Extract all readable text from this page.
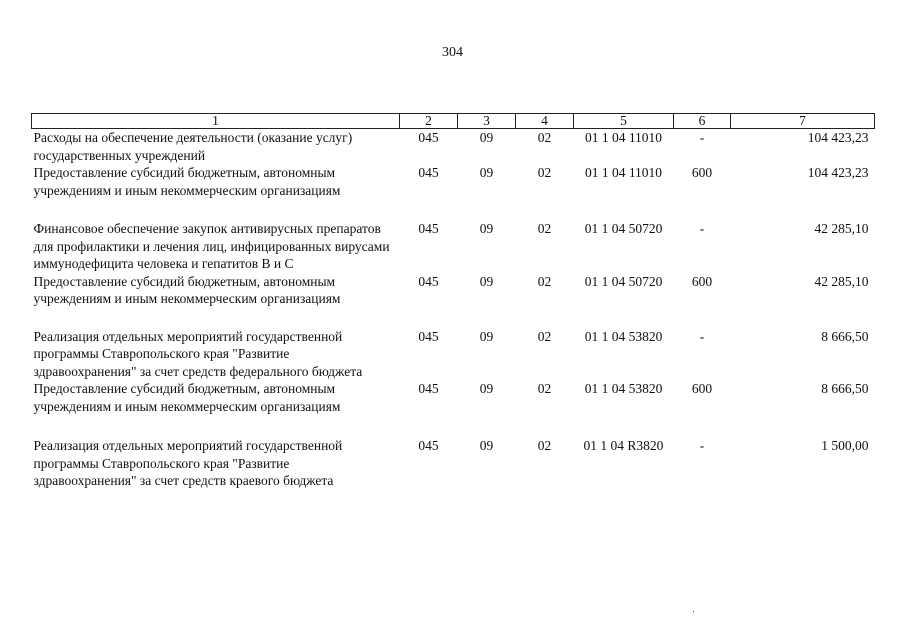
304
1	2	3	4	5	6	7
Расходы на обеспечение деятельности (оказание услуг) государственных учреждений	045	09	02	01 1 04 11010	-	104 423,23
Предоставление субсидий бюджетным, автономным учреждениям и иным некоммерческим организациям	045	09	02	01 1 04 11010	600	104 423,23

Финансовое обеспечение закупок антивирусных препаратов для профилактики и лечения лиц, инфицированных вирусами иммунодефицита человека и гепатитов В и С	045	09	02	01 1 04 50720	-	42 285,10
Предоставление субсидий бюджетным, автономным учреждениям и иным некоммерческим организациям	045	09	02	01 1 04 50720	600	42 285,10

Реализация отдельных мероприятий государственной программы Ставропольского края "Развитие здравоохранения" за счет средств федерального бюджета	045	09	02	01 1 04 53820	-	8 666,50
Предоставление субсидий бюджетным, автономным учреждениям и иным некоммерческим организациям	045	09	02	01 1 04 53820	600	8 666,50

Реализация отдельных мероприятий государственной программы Ставропольского края "Развитие здравоохранения" за счет средств краевого бюджета	045	09	02	01 1 04 R3820	-	1 500,00
